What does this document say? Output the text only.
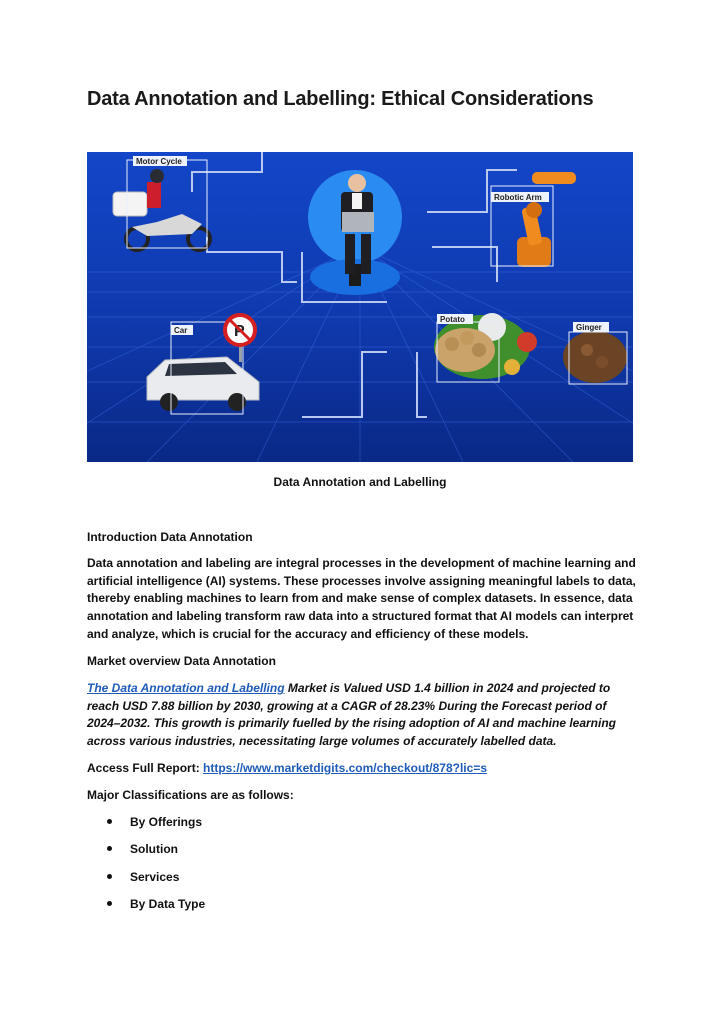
Data Annotation and Labelling: Ethical Considerations
Motor Cycle
Robotic Arm
Car	P
Potato
Ginger

Data Annotation and Labelling

Introduction Data Annotation

Data annotation and labeling are integral processes in the development of machine learning and artificial intelligence (AI) systems. These processes involve assigning meaningful labels to data, thereby enabling machines to learn from and make sense of complex datasets. In essence, data annotation and labeling transform raw data into a structured format that AI models can interpret and analyze, which is crucial for the accuracy and efficiency of these models.

Market overview Data Annotation

The Data Annotation and Labelling Market is Valued USD 1.4 billion in 2024 and projected to reach USD 7.88 billion by 2030, growing at a CAGR of 28.23% During the Forecast period of 2024–2032. This growth is primarily fuelled by the rising adoption of AI and machine learning across various industries, necessitating large volumes of accurately labelled data.

Access Full Report: https://www.marketdigits.com/checkout/878?lic=s

Major Classifications are as follows:

By Offerings
Solution
Services
By Data Type
